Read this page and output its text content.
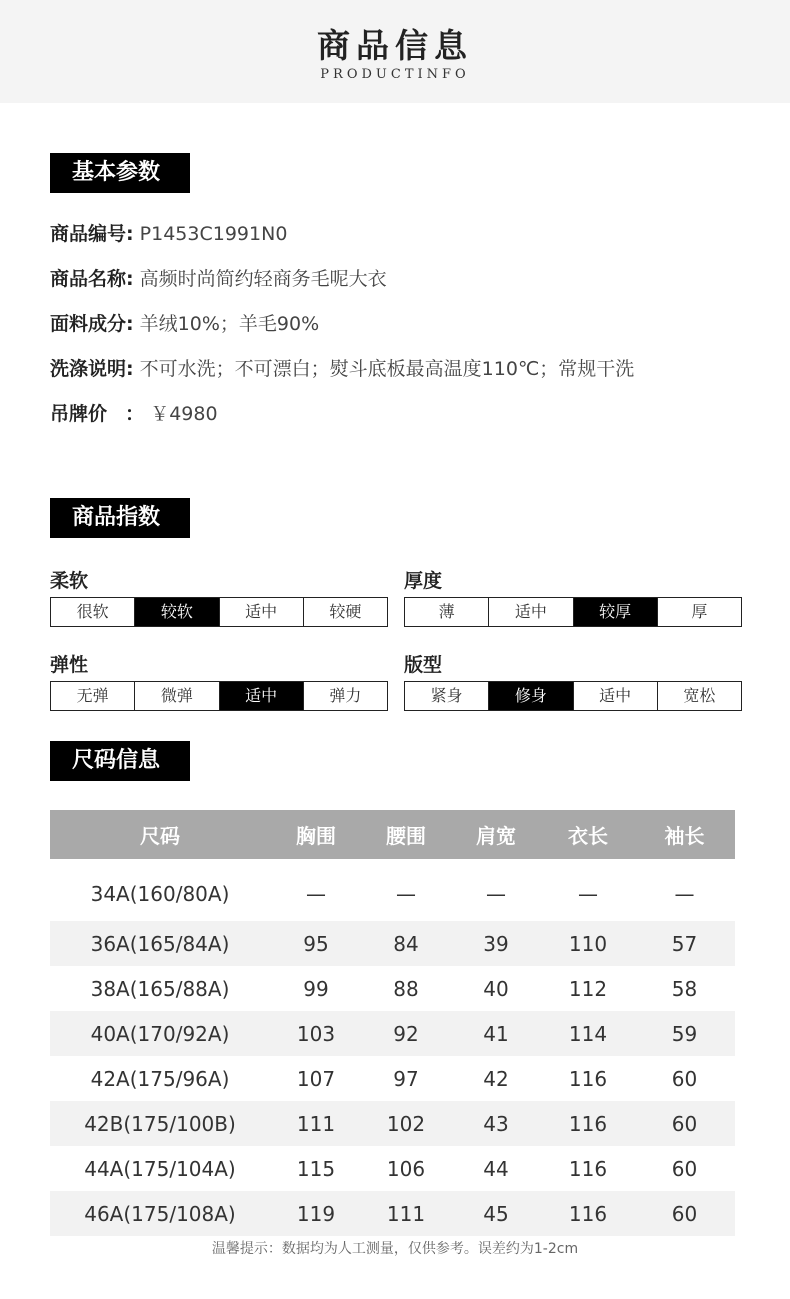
商品信息
PRODUCTINFO
基本参数
商品编号: P1453C1991N0
商品名称: 高频时尚简约轻商务毛呢大衣
面料成分: 羊绒10%；羊毛90%
洗涤说明: 不可水洗；不可漂白；熨斗底板最高温度110℃；常规干洗
吊牌价 ： ￥4980
商品指数
柔软
很软	较软	适中	较硬
厚度
薄	适中	较厚	厚
弹性
无弹	微弹	适中	弹力
版型
紧身	修身	适中	宽松
尺码信息
尺码	胸围	腰围	肩宽	衣长	袖长
34A(160/80A)	—	—	—	—	—
36A(165/84A)	95	84	39	110	57
38A(165/88A)	99	88	40	112	58
40A(170/92A)	103	92	41	114	59
42A(175/96A)	107	97	42	116	60
42B(175/100B)	111	102	43	116	60
44A(175/104A)	115	106	44	116	60
46A(175/108A)	119	111	45	116	60
温馨提示：数据均为人工测量，仅供参考。误差约为1-2cm
